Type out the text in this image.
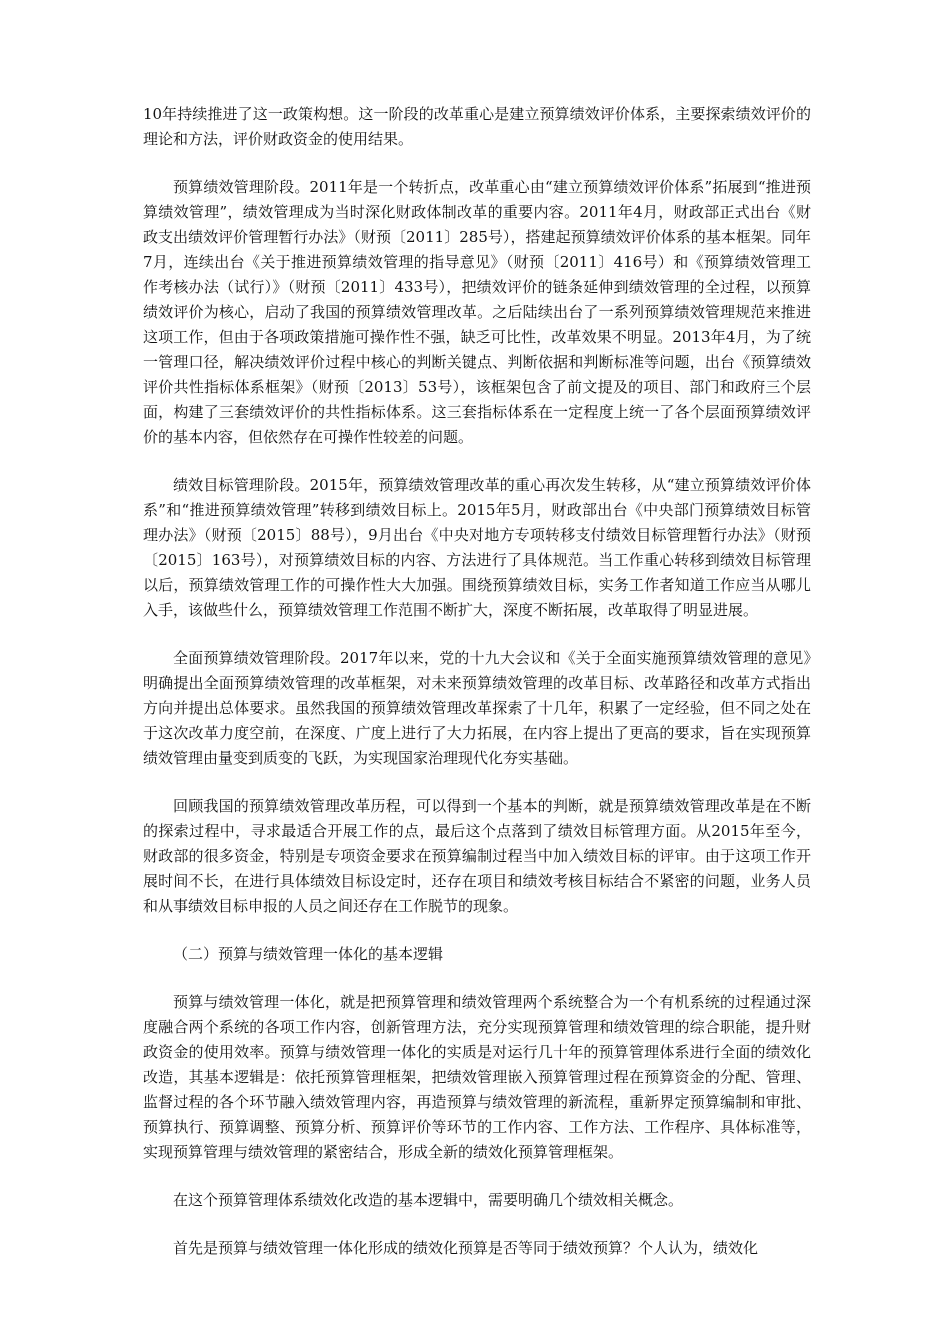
10年持续推进了这一政策构想。这一阶段的改革重心是建立预算绩效评价体系，主要探索绩效评价的理论和方法，评价财政资金的使用结果。

预算绩效管理阶段。2011年是一个转折点，改革重心由“建立预算绩效评价体系”拓展到“推进预算绩效管理”，绩效管理成为当时深化财政体制改革的重要内容。2011年4月，财政部正式出台《财政支出绩效评价管理暂行办法》（财预〔2011〕285号），搭建起预算绩效评价体系的基本框架。同年7月，连续出台《关于推进预算绩效管理的指导意见》（财预〔2011〕416号）和《预算绩效管理工作考核办法（试行）》（财预〔2011〕433号），把绩效评价的链条延伸到绩效管理的全过程，以预算绩效评价为核心，启动了我国的预算绩效管理改革。之后陆续出台了一系列预算绩效管理规范来推进这项工作，但由于各项政策措施可操作性不强，缺乏可比性，改革效果不明显。2013年4月，为了统一管理口径，解决绩效评价过程中核心的判断关键点、判断依据和判断标准等问题，出台《预算绩效评价共性指标体系框架》（财预〔2013〕53号），该框架包含了前文提及的项目、部门和政府三个层面，构建了三套绩效评价的共性指标体系。这三套指标体系在一定程度上统一了各个层面预算绩效评价的基本内容，但依然存在可操作性较差的问题。

绩效目标管理阶段。2015年，预算绩效管理改革的重心再次发生转移，从“建立预算绩效评价体系”和“推进预算绩效管理”转移到绩效目标上。2015年5月，财政部出台《中央部门预算绩效目标管理办法》（财预〔2015〕88号），9月出台《中央对地方专项转移支付绩效目标管理暂行办法》（财预〔2015〕163号），对预算绩效目标的内容、方法进行了具体规范。当工作重心转移到绩效目标管理以后，预算绩效管理工作的可操作性大大加强。围绕预算绩效目标，实务工作者知道工作应当从哪儿入手，该做些什么，预算绩效管理工作范围不断扩大，深度不断拓展，改革取得了明显进展。

全面预算绩效管理阶段。2017年以来，党的十九大会议和《关于全面实施预算绩效管理的意见》明确提出全面预算绩效管理的改革框架，对未来预算绩效管理的改革目标、改革路径和改革方式指出方向并提出总体要求。虽然我国的预算绩效管理改革探索了十几年，积累了一定经验，但不同之处在于这次改革力度空前，在深度、广度上进行了大力拓展，在内容上提出了更高的要求，旨在实现预算绩效管理由量变到质变的飞跃，为实现国家治理现代化夯实基础。

回顾我国的预算绩效管理改革历程，可以得到一个基本的判断，就是预算绩效管理改革是在不断的探索过程中，寻求最适合开展工作的点，最后这个点落到了绩效目标管理方面。从2015年至今，财政部的很多资金，特别是专项资金要求在预算编制过程当中加入绩效目标的评审。由于这项工作开展时间不长，在进行具体绩效目标设定时，还存在项目和绩效考核目标结合不紧密的问题，业务人员和从事绩效目标申报的人员之间还存在工作脱节的现象。

（二）预算与绩效管理一体化的基本逻辑

预算与绩效管理一体化，就是把预算管理和绩效管理两个系统整合为一个有机系统的过程通过深度融合两个系统的各项工作内容，创新管理方法，充分实现预算管理和绩效管理的综合职能，提升财政资金的使用效率。预算与绩效管理一体化的实质是对运行几十年的预算管理体系进行全面的绩效化改造，其基本逻辑是：依托预算管理框架，把绩效管理嵌入预算管理过程在预算资金的分配、管理、监督过程的各个环节融入绩效管理内容，再造预算与绩效管理的新流程，重新界定预算编制和审批、预算执行、预算调整、预算分析、预算评价等环节的工作内容、工作方法、工作程序、具体标准等，实现预算管理与绩效管理的紧密结合，形成全新的绩效化预算管理框架。

在这个预算管理体系绩效化改造的基本逻辑中，需要明确几个绩效相关概念。

首先是预算与绩效管理一体化形成的绩效化预算是否等同于绩效预算？个人认为，绩效化
